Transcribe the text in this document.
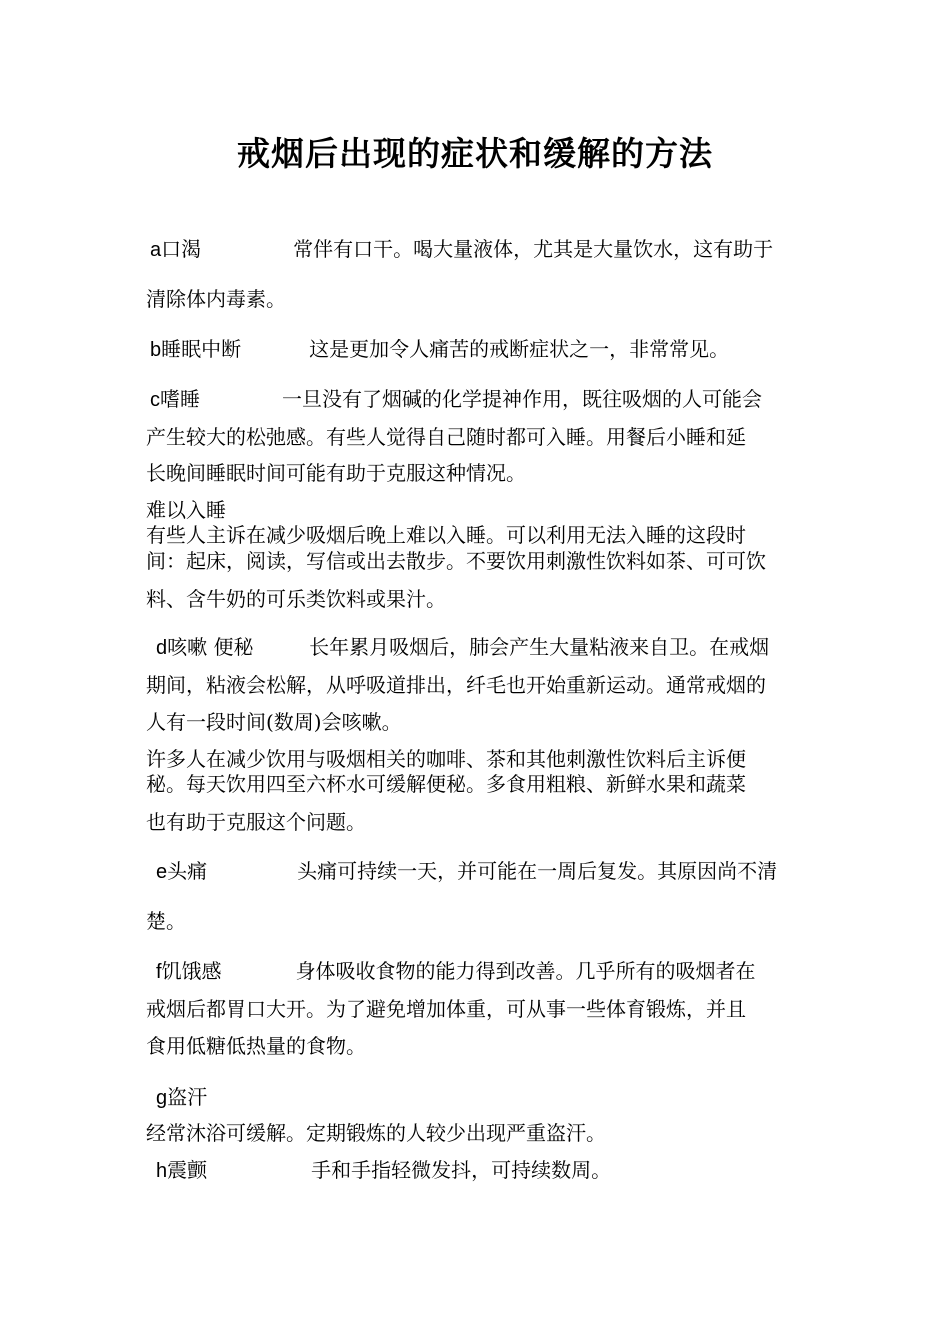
戒烟后出现的症状和缓解的方法
a口渴	常伴有口干。喝大量液体，尤其是大量饮水，这有助于
清除体内毒素。
b睡眠中断	这是更加令人痛苦的戒断症状之一，非常常见。
c嗜睡	一旦没有了烟碱的化学提神作用，既往吸烟的人可能会
产生较大的松弛感。有些人觉得自己随时都可入睡。用餐后小睡和延
长晚间睡眠时间可能有助于克服这种情况。
难以入睡
有些人主诉在减少吸烟后晚上难以入睡。可以利用无法入睡的这段时
间：起床，阅读，写信或出去散步。不要饮用刺激性饮料如茶、可可饮
料、含牛奶的可乐类饮料或果汁。
d咳嗽 便秘	长年累月吸烟后，肺会产生大量粘液来自卫。在戒烟
期间，粘液会松解，从呼吸道排出，纤毛也开始重新运动。通常戒烟的
人有一段时间(数周)会咳嗽。
许多人在减少饮用与吸烟相关的咖啡、茶和其他刺激性饮料后主诉便
秘。每天饮用四至六杯水可缓解便秘。多食用粗粮、新鲜水果和蔬菜
也有助于克服这个问题。
e头痛	头痛可持续一天，并可能在一周后复发。其原因尚不清
楚。
f饥饿感	身体吸收食物的能力得到改善。几乎所有的吸烟者在
戒烟后都胃口大开。为了避免增加体重，可从事一些体育锻炼，并且
食用低糖低热量的食物。
g盗汗
经常沐浴可缓解。定期锻炼的人较少出现严重盗汗。
h震颤	手和手指轻微发抖，可持续数周。
